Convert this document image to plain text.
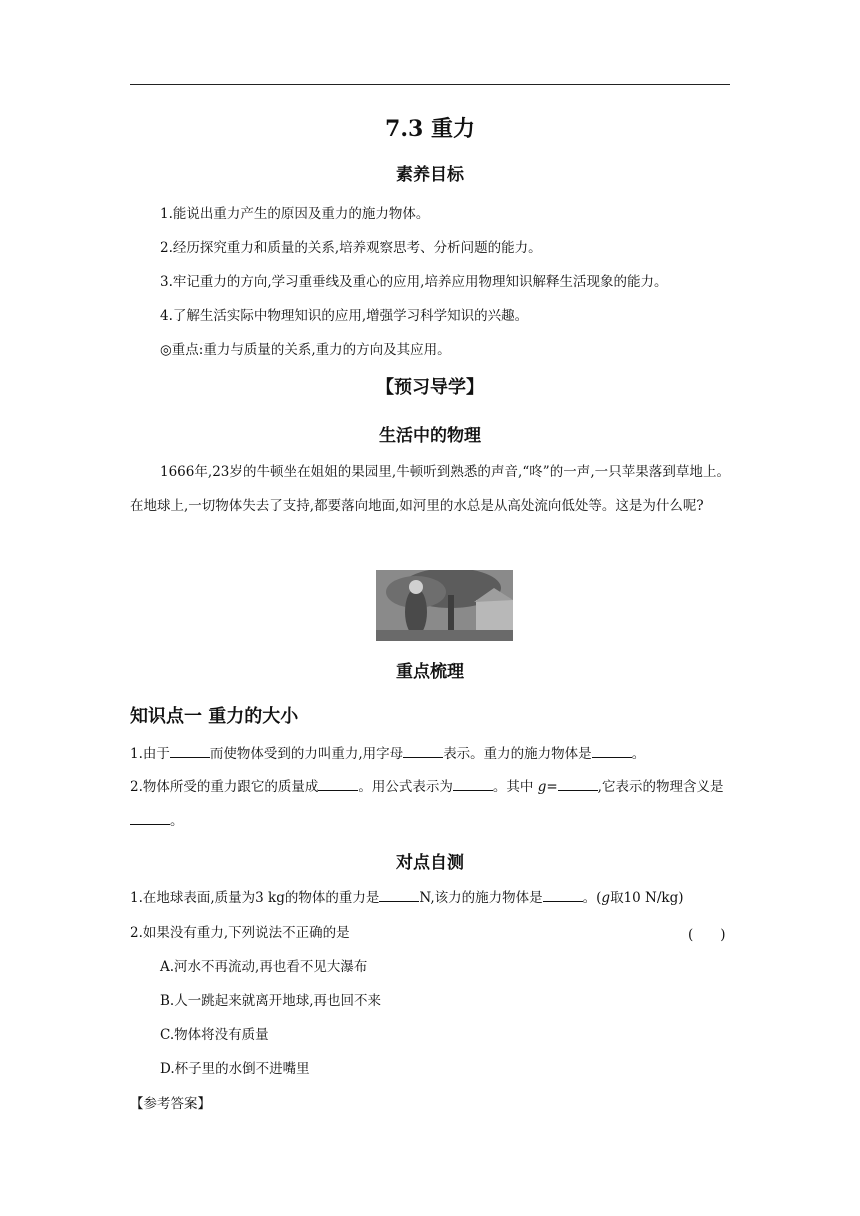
7.3 重力
素养目标
1.能说出重力产生的原因及重力的施力物体。
2.经历探究重力和质量的关系,培养观察思考、分析问题的能力。
3.牢记重力的方向,学习重垂线及重心的应用,培养应用物理知识解释生活现象的能力。
4.了解生活实际中物理知识的应用,增强学习科学知识的兴趣。
◎重点:重力与质量的关系,重力的方向及其应用。
【预习导学】
生活中的物理
1666年,23岁的牛顿坐在姐姐的果园里,牛顿听到熟悉的声音,“咚”的一声,一只苹果落到草地上。在地球上,一切物体失去了支持,都要落向地面,如河里的水总是从高处流向低处等。这是为什么呢?
重点梳理
知识点一 重力的大小
1.由于	而使物体受到的力叫重力,用字母	表示。重力的施力物体是	。
2.物体所受的重力跟它的质量成	。用公式表示为	。其中 g=	,它表示的物理含义是。
对点自测
1.在地球表面,质量为3 kg的物体的重力是	N,该力的施力物体是	。(g取10 N/kg)
2.如果没有重力,下列说法不正确的是	(　　)
A.河水不再流动,再也看不见大瀑布
B.人一跳起来就离开地球,再也回不来
C.物体将没有质量
D.杯子里的水倒不进嘴里
【参考答案】
